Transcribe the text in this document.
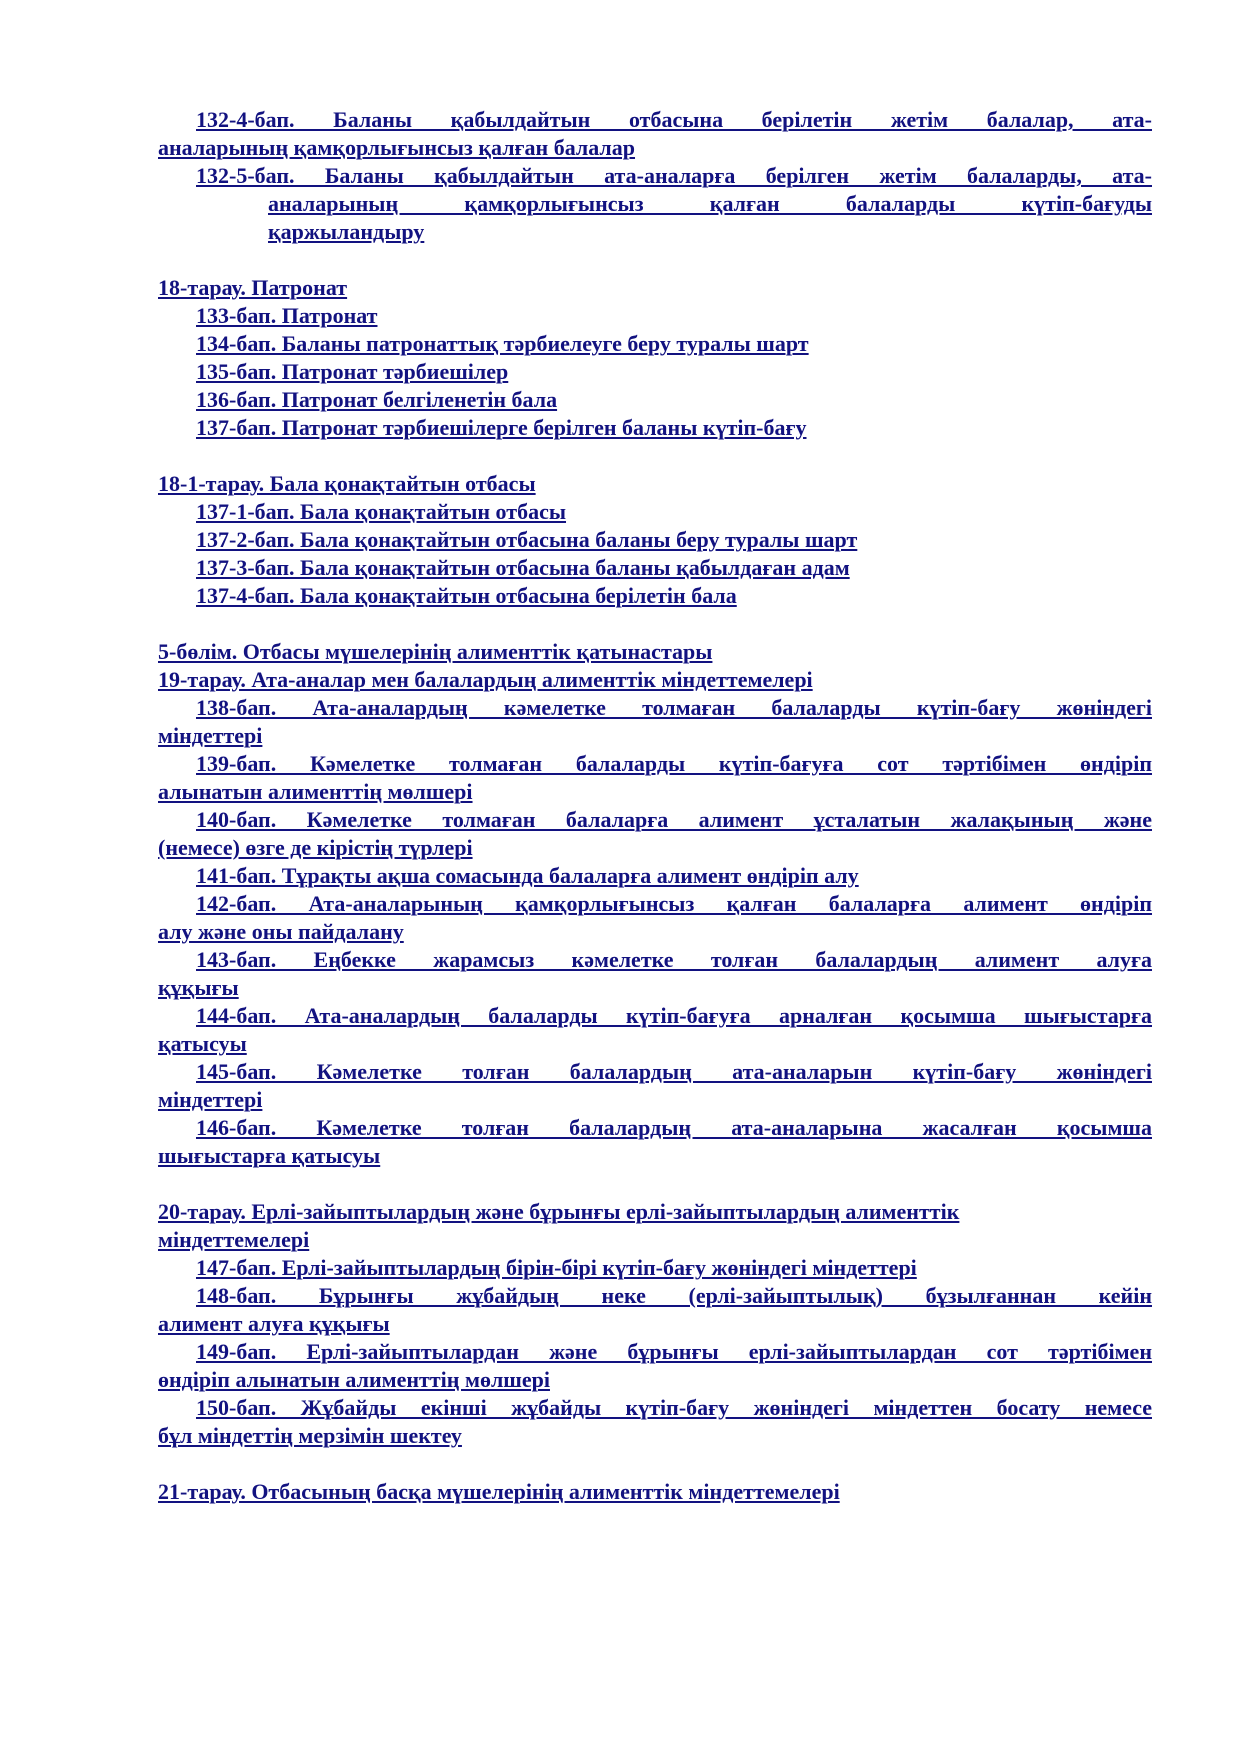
132-4-бап. Баланы қабылдайтын отбасына берілетін жетім балалар, ата-
аналарының қамқорлығынсыз қалған балалар
132-5-бап. Баланы қабылдайтын ата-аналарға берілген жетім балаларды, ата-
аналарының қамқорлығынсыз қалған балаларды күтіп-бағуды
қаржыландыру
18-тарау. Патронат
133-бап. Патронат
134-бап. Баланы патронаттық тәрбиелеуге беру туралы шарт
135-бап. Патронат тәрбиешілер
136-бап. Патронат белгіленетін бала
137-бап. Патронат тәрбиешілерге берілген баланы күтіп-бағу
18-1-тарау. Бала қонақтайтын отбасы
137-1-бап. Бала қонақтайтын отбасы
137-2-бап. Бала қонақтайтын отбасына баланы беру туралы шарт
137-3-бап. Бала қонақтайтын отбасына баланы қабылдаған адам
137-4-бап. Бала қонақтайтын отбасына берілетін бала
5-бөлім. Отбасы мүшелерінің алименттік қатынастары
19-тарау. Ата-аналар мен балалардың алименттік міндеттемелері
138-бап. Ата-аналардың кәмелетке толмаған балаларды күтіп-бағу жөніндегі
міндеттері
139-бап. Кәмелетке толмаған балаларды күтіп-бағуға сот тәртібімен өндіріп
алынатын алименттің мөлшері
140-бап. Кәмелетке толмаған балаларға алимент ұсталатын жалақының және
(немесе) өзге де кірістің түрлері
141-бап. Тұрақты ақша сомасында балаларға алимент өндіріп алу
142-бап. Ата-аналарының қамқорлығынсыз қалған балаларға алимент өндіріп
алу және оны пайдалану
143-бап. Еңбекке жарамсыз кәмелетке толған балалардың алимент алуға
құқығы
144-бап. Ата-аналардың балаларды күтіп-бағуға арналған қосымша шығыстарға
қатысуы
145-бап. Кәмелетке толған балалардың ата-аналарын күтіп-бағу жөніндегі
міндеттері
146-бап. Кәмелетке толған балалардың ата-аналарына жасалған қосымша
шығыстарға қатысуы
20-тарау. Ерлі-зайыптылардың және бұрынғы ерлі-зайыптылардың алименттік
міндеттемелері
147-бап. Ерлі-зайыптылардың бірін-бірі күтіп-бағу жөніндегі міндеттері
148-бап. Бұрынғы жұбайдың неке (ерлі-зайыптылық) бұзылғаннан кейін
алимент алуға құқығы
149-бап. Ерлі-зайыптылардан және бұрынғы ерлі-зайыптылардан сот тәртібімен
өндіріп алынатын алименттің мөлшері
150-бап. Жұбайды екінші жұбайды күтіп-бағу жөніндегі міндеттен босату немесе
бұл міндеттің мерзімін шектеу
21-тарау. Отбасының басқа мүшелерінің алименттік міндеттемелері
